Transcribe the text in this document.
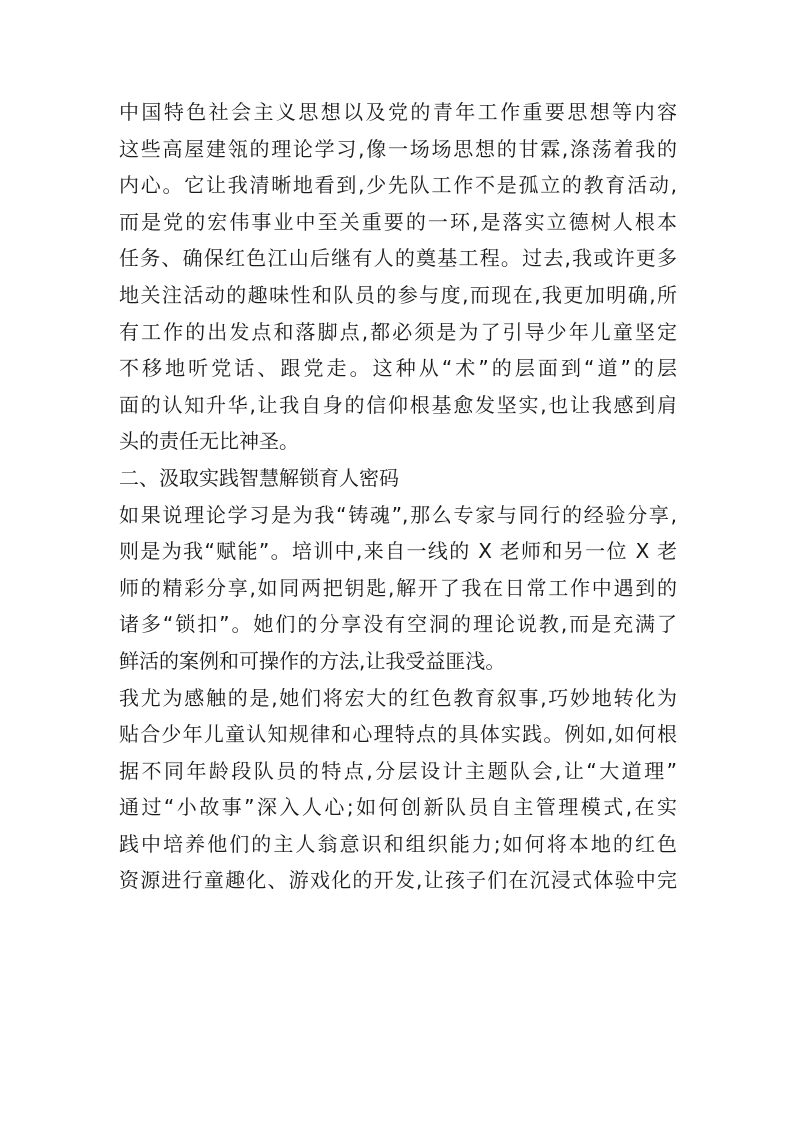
中国特色社会主义思想以及党的青年工作重要思想等内容
这些高屋建瓴的理论学习,像一场场思想的甘霖,涤荡着我的
内心。它让我清晰地看到,少先队工作不是孤立的教育活动,
而是党的宏伟事业中至关重要的一环,是落实立德树人根本
任务、确保红色江山后继有人的奠基工程。过去,我或许更多
地关注活动的趣味性和队员的参与度,而现在,我更加明确,所
有工作的出发点和落脚点,都必须是为了引导少年儿童坚定
不移地听党话、跟党走。这种从“术”的层面到“道”的层
面的认知升华,让我自身的信仰根基愈发坚实,也让我感到肩
头的责任无比神圣。
二、汲取实践智慧解锁育人密码
如果说理论学习是为我“铸魂”,那么专家与同行的经验分享,
则是为我“赋能”。培训中,来自一线的 X 老师和另一位 X 老
师的精彩分享,如同两把钥匙,解开了我在日常工作中遇到的
诸多“锁扣”。她们的分享没有空洞的理论说教,而是充满了
鲜活的案例和可操作的方法,让我受益匪浅。
我尤为感触的是,她们将宏大的红色教育叙事,巧妙地转化为
贴合少年儿童认知规律和心理特点的具体实践。例如,如何根
据不同年龄段队员的特点,分层设计主题队会,让“大道理”
通过“小故事”深入人心;如何创新队员自主管理模式,在实
践中培养他们的主人翁意识和组织能力;如何将本地的红色
资源进行童趣化、游戏化的开发,让孩子们在沉浸式体验中完
